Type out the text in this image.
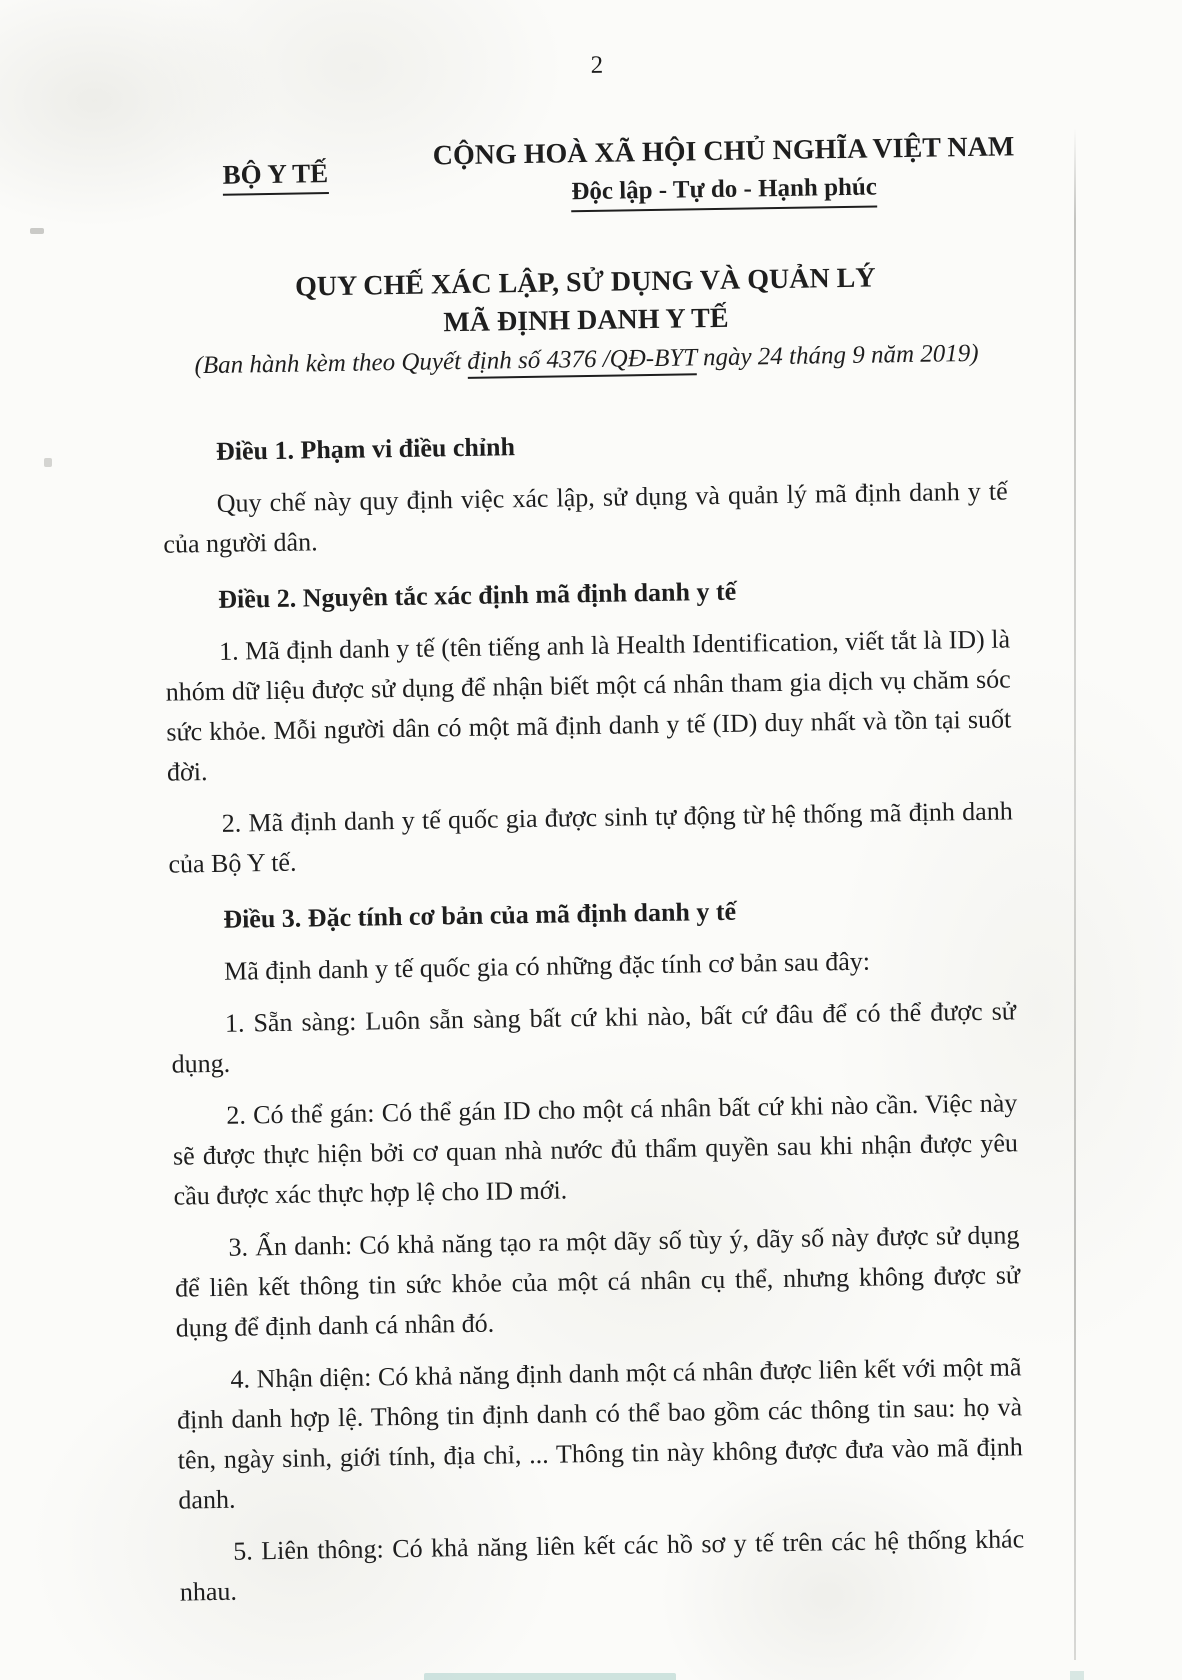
2
BỘ Y TẾ
CỘNG HOÀ XÃ HỘI CHỦ NGHĨA VIỆT NAM
Độc lập - Tự do - Hạnh phúc
QUY CHẾ XÁC LẬP, SỬ DỤNG VÀ QUẢN LÝ
MÃ ĐỊNH DANH Y TẾ
(Ban hành kèm theo Quyết định số 4376 /QĐ-BYT ngày 24 tháng 9 năm 2019)
Điều 1. Phạm vi điều chỉnh
Quy chế này quy định việc xác lập, sử dụng và quản lý mã định danh y tế của người dân.
Điều 2. Nguyên tắc xác định mã định danh y tế
1. Mã định danh y tế (tên tiếng anh là Health Identification, viết tắt là ID) là nhóm dữ liệu được sử dụng để nhận biết một cá nhân tham gia dịch vụ chăm sóc sức khỏe. Mỗi người dân có một mã định danh y tế (ID) duy nhất và tồn tại suốt đời.
2. Mã định danh y tế quốc gia được sinh tự động từ hệ thống mã định danh của Bộ Y tế.
Điều 3. Đặc tính cơ bản của mã định danh y tế
Mã định danh y tế quốc gia có những đặc tính cơ bản sau đây:
1. Sẵn sàng: Luôn sẵn sàng bất cứ khi nào, bất cứ đâu để có thể được sử dụng.
2. Có thể gán: Có thể gán ID cho một cá nhân bất cứ khi nào cần. Việc này sẽ được thực hiện bởi cơ quan nhà nước đủ thẩm quyền sau khi nhận được yêu cầu được xác thực hợp lệ cho ID mới.
3. Ẩn danh: Có khả năng tạo ra một dãy số tùy ý, dãy số này được sử dụng để liên kết thông tin sức khỏe của một cá nhân cụ thể, nhưng không được sử dụng để định danh cá nhân đó.
4. Nhận diện: Có khả năng định danh một cá nhân được liên kết với một mã định danh hợp lệ. Thông tin định danh có thể bao gồm các thông tin sau: họ và tên, ngày sinh, giới tính, địa chỉ, ... Thông tin này không được đưa vào mã định danh.
5. Liên thông: Có khả năng liên kết các hồ sơ y tế trên các hệ thống khác nhau.
